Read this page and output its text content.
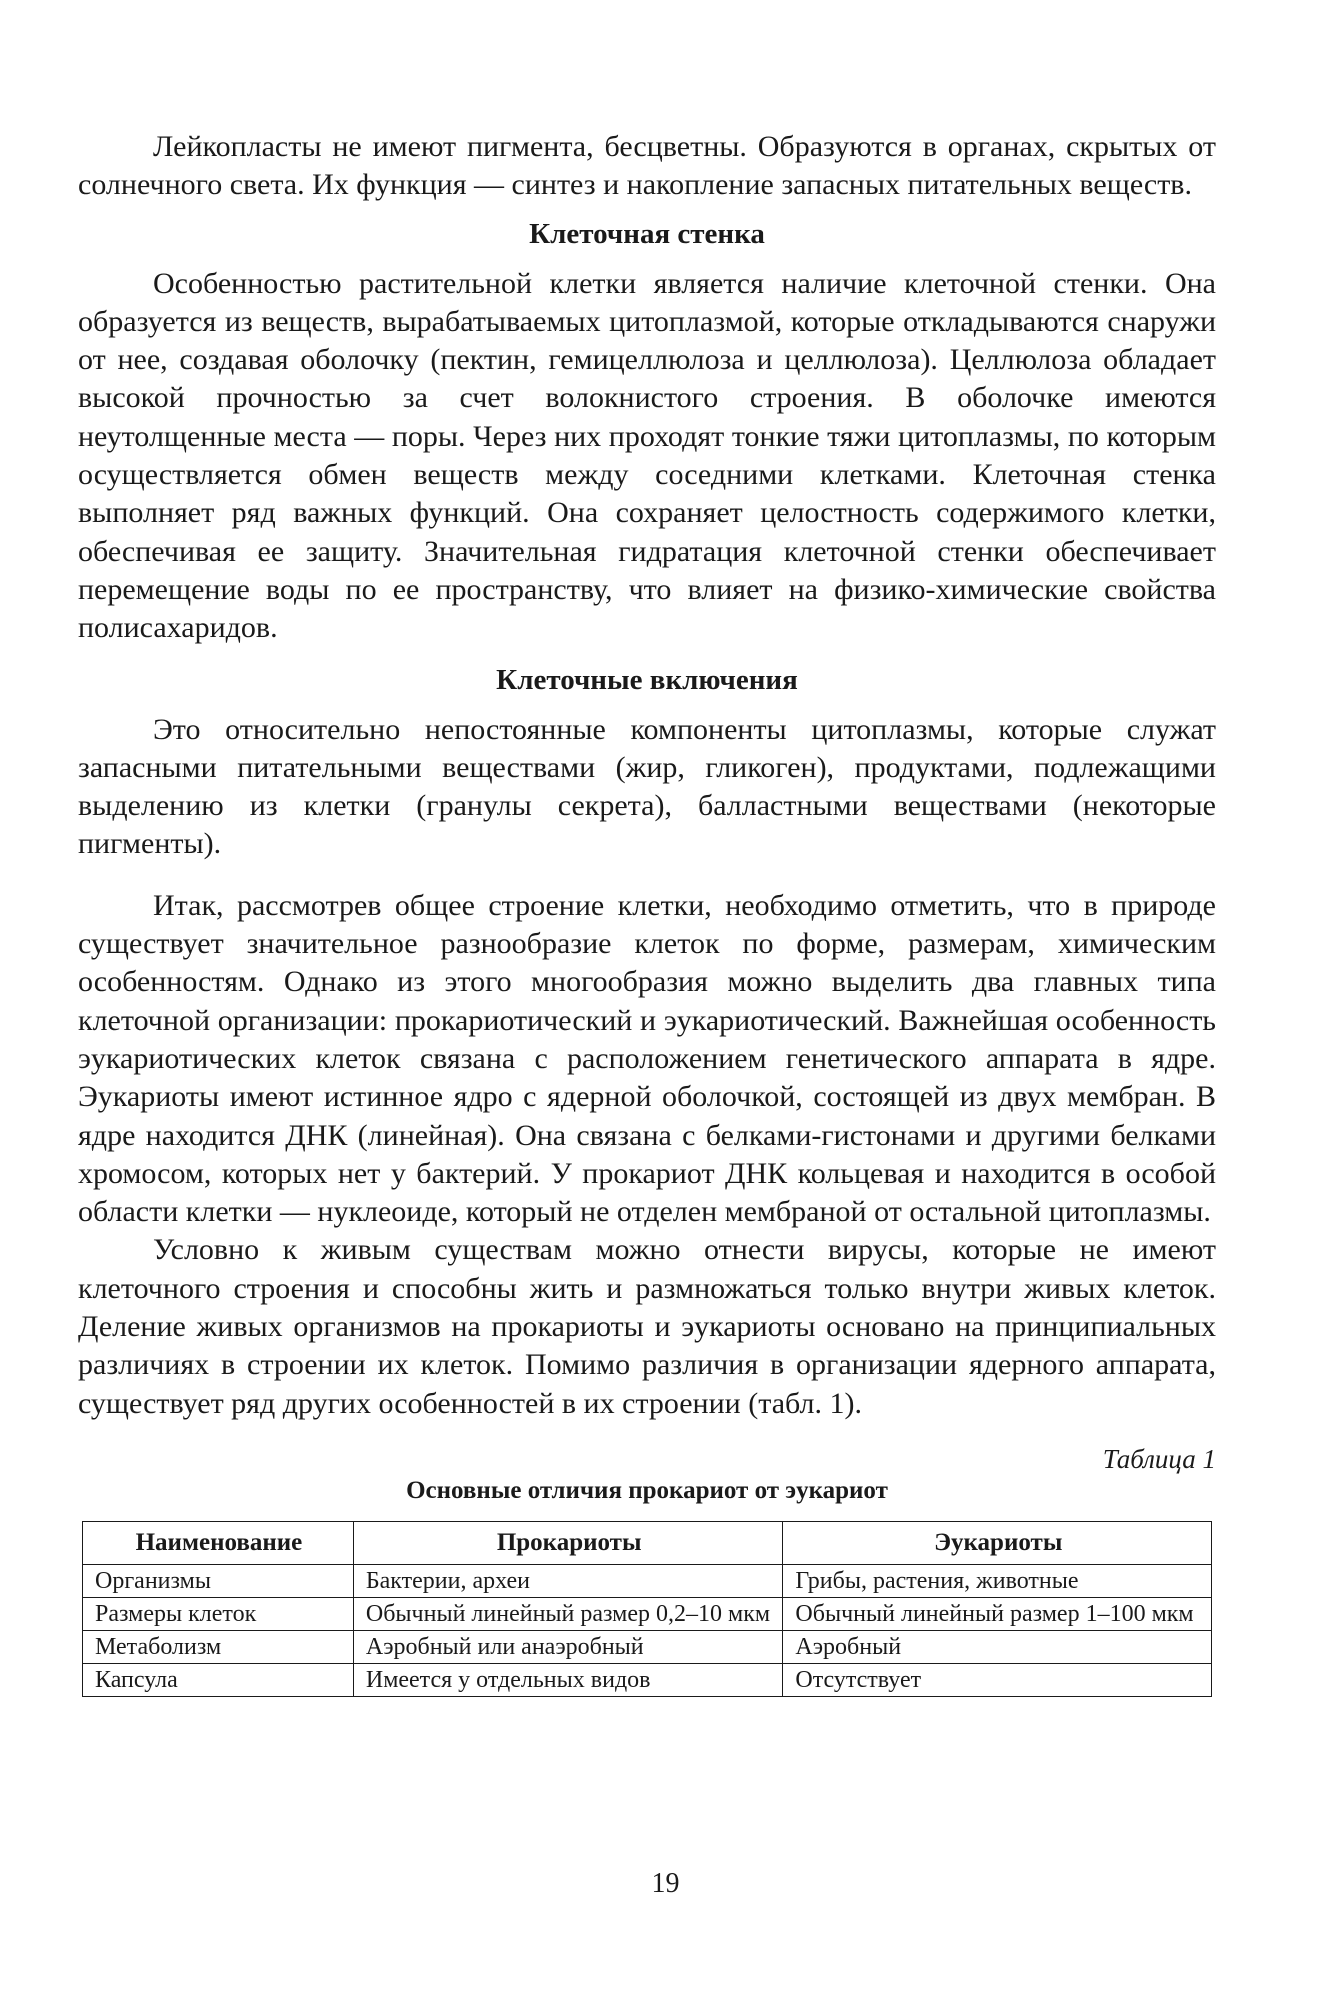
Лейкопласты не имеют пигмента, бесцветны. Образуются в органах, скрытых от солнечного света. Их функция — синтез и накопление запасных питательных веществ.

Клеточная стенка

Особенностью растительной клетки является наличие клеточной стенки. Она образуется из веществ, вырабатываемых цитоплазмой, которые откладываются снаружи от нее, создавая оболочку (пектин, гемицеллюлоза и целлюлоза). Целлюлоза обладает высокой прочностью за счет волокнистого строения. В оболочке имеются неутолщенные места — поры. Через них проходят тонкие тяжи цитоплазмы, по которым осуществляется обмен веществ между соседними клетками. Клеточная стенка выполняет ряд важных функций. Она сохраняет целостность содержимого клетки, обеспечивая ее защиту. Значительная гидратация клеточной стенки обеспечивает перемещение воды по ее пространству, что влияет на физико-химические свойства полисахаридов.

Клеточные включения

Это относительно непостоянные компоненты цитоплазмы, которые служат запасными питательными веществами (жир, гликоген), продуктами, подлежащими выделению из клетки (гранулы секрета), балластными веществами (некоторые пигменты).

Итак, рассмотрев общее строение клетки, необходимо отметить, что в природе существует значительное разнообразие клеток по форме, размерам, химическим особенностям. Однако из этого многообразия можно выделить два главных типа клеточной организации: прокариотический и эукариотический. Важнейшая особенность эукариотических клеток связана с расположением генетического аппарата в ядре. Эукариоты имеют истинное ядро с ядерной оболочкой, состоящей из двух мембран. В ядре находится ДНК (линейная). Она связана с белками-гистонами и другими белками хромосом, которых нет у бактерий. У прокариот ДНК кольцевая и находится в особой области клетки — нуклеоиде, который не отделен мембраной от остальной цитоплазмы.

Условно к живым существам можно отнести вирусы, которые не имеют клеточного строения и способны жить и размножаться только внутри живых клеток. Деление живых организмов на прокариоты и эукариоты основано на принципиальных различиях в строении их клеток. Помимо различия в организации ядерного аппарата, существует ряд других особенностей в их строении (табл. 1).

Таблица 1
Основные отличия прокариот от эукариот
Наименование	Прокариоты	Эукариоты
Организмы	Бактерии, археи	Грибы, растения, животные
Размеры клеток	Обычный линейный размер 0,2–10 мкм	Обычный линейный размер 1–100 мкм
Метаболизм	Аэробный или анаэробный	Аэробный
Капсула	Имеется у отдельных видов	Отсутствует
19
